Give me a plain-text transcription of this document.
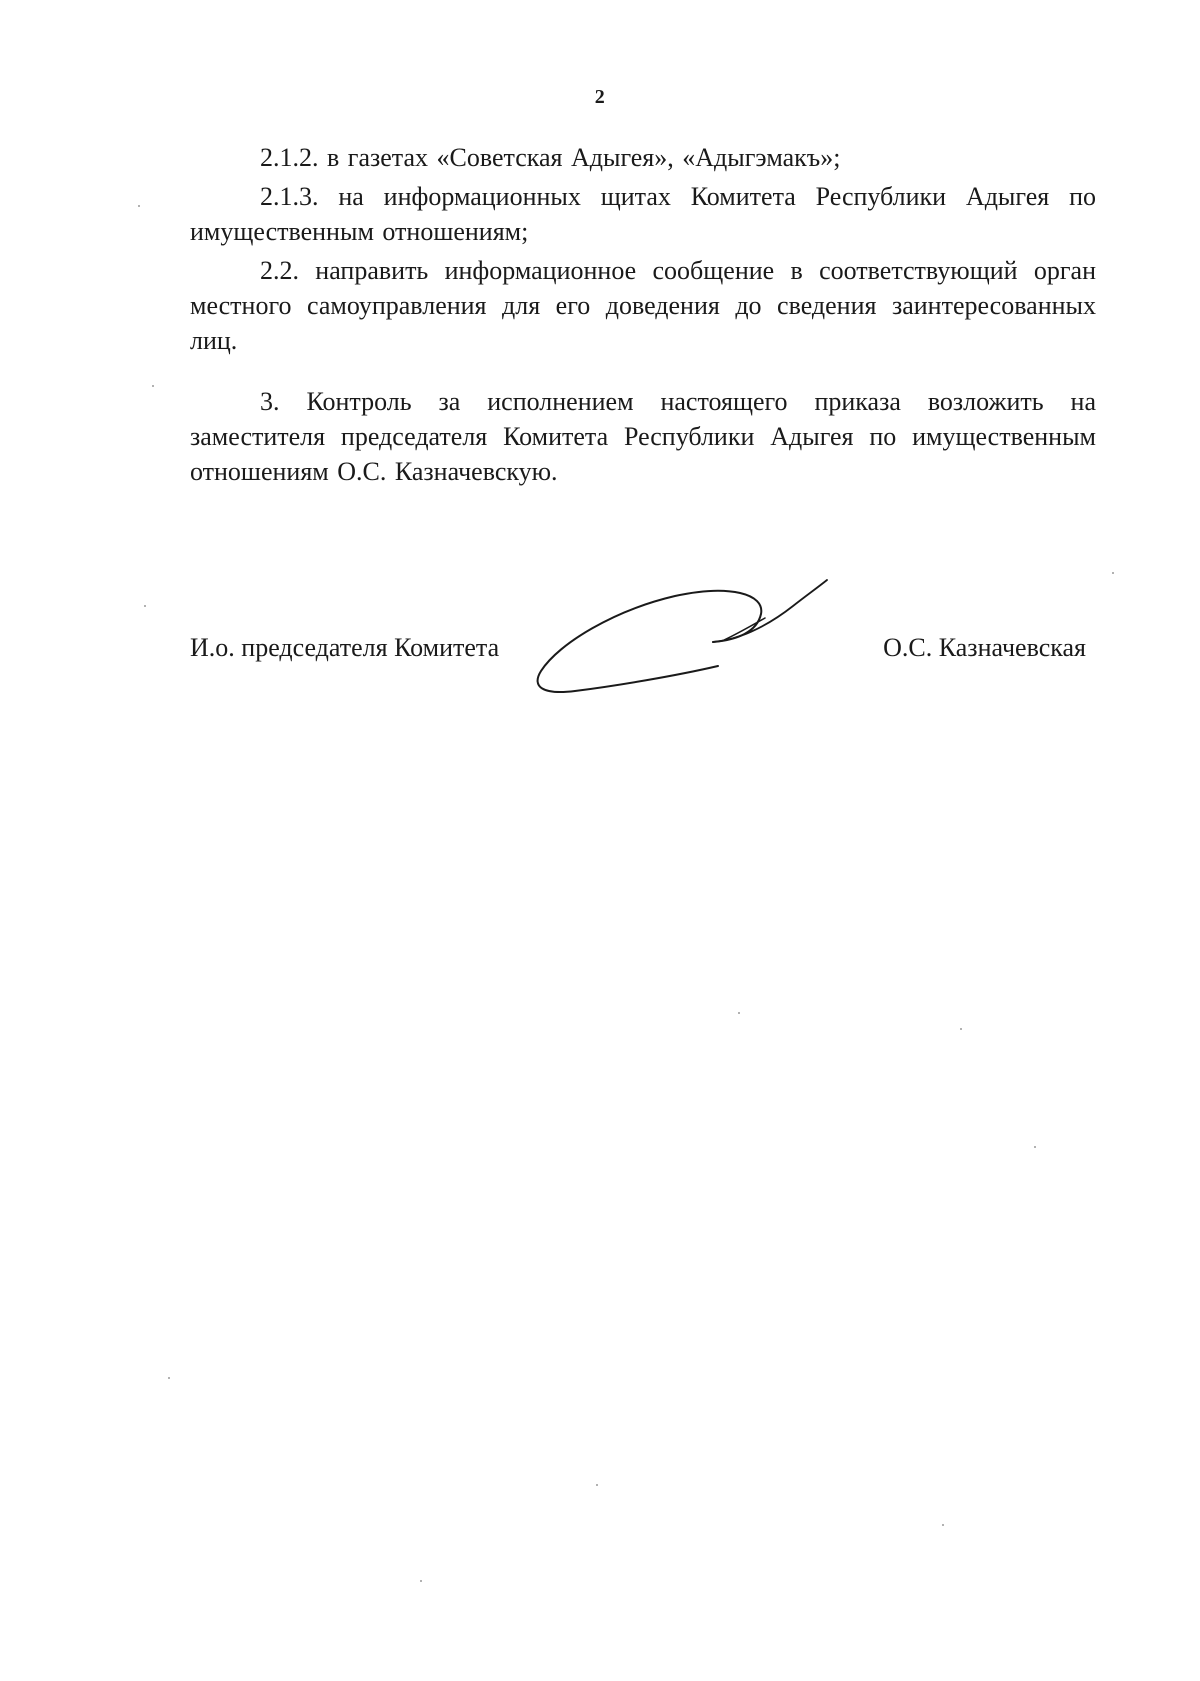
2

2.1.2. в газетах «Советская Адыгея», «Адыгэмакъ»;

2.1.3. на информационных щитах Комитета Республики Адыгея по имущественным отношениям;

2.2. направить информационное сообщение в соответствующий орган местного самоуправления для его доведения до сведения заинтересованных лиц.

3. Контроль за исполнением настоящего приказа возложить на заместителя председателя Комитета Республики Адыгея по имущественным отношениям О.С. Казначевскую.

И.о. председателя Комитета	О.С. Казначевская
